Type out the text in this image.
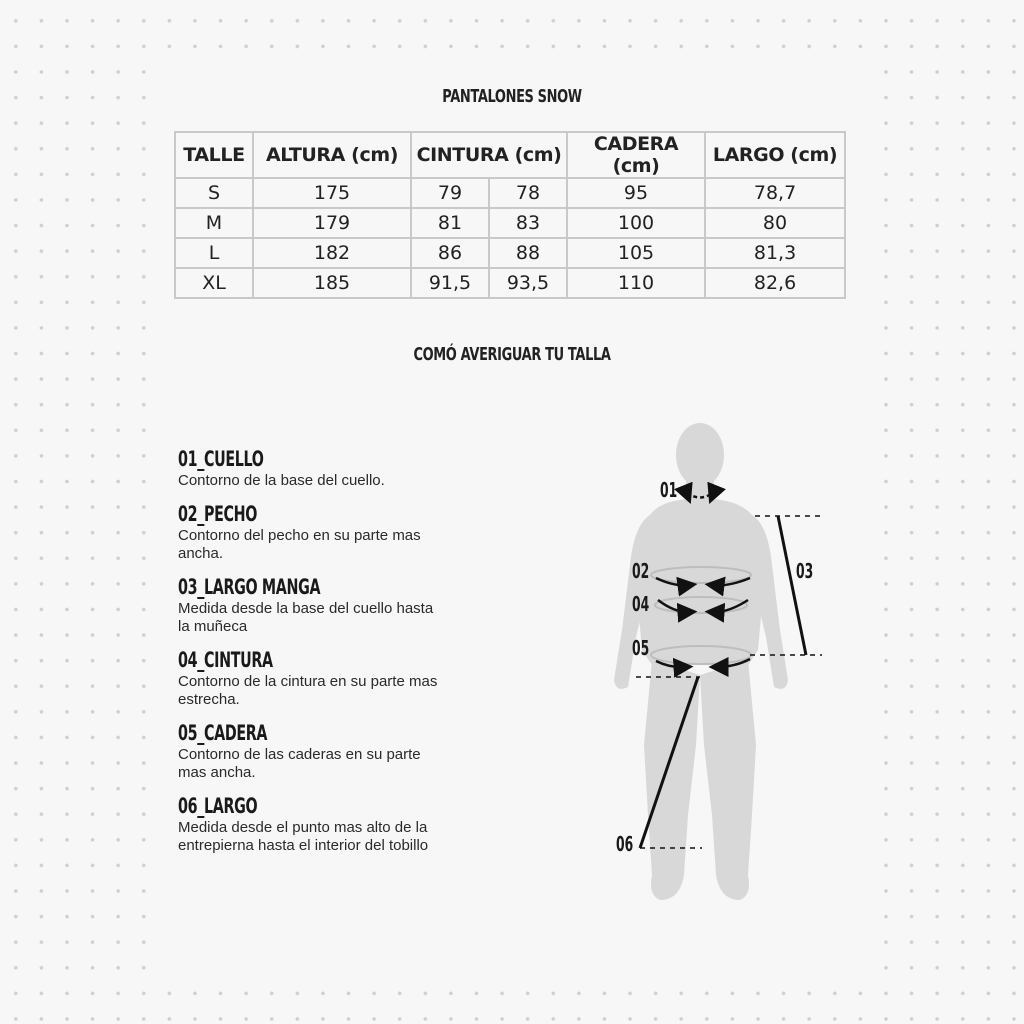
PANTALONES SNOW
TALLE	ALTURA (cm)	CINTURA (cm)		CADERA (cm)	LARGO (cm)
S	175	79	78	95	78,7
M	179	81	83	100	80
L	182	86	88	105	81,3
XL	185	91,5	93,5	110	82,6
COMÓ AVERIGUAR TU TALLA
01_CUELLO
Contorno de la base del cuello.
02_PECHO
Contorno del pecho en su parte mas ancha.
03_LARGO MANGA
Medida desde la base del cuello hasta la muñeca
04_CINTURA
Contorno de la cintura en su parte mas estrecha.
05_CADERA
Contorno de las caderas en su parte mas ancha.
06_LARGO
Medida desde el punto mas alto de la entrepierna hasta el interior del tobillo
01
02	03
04
05
06
